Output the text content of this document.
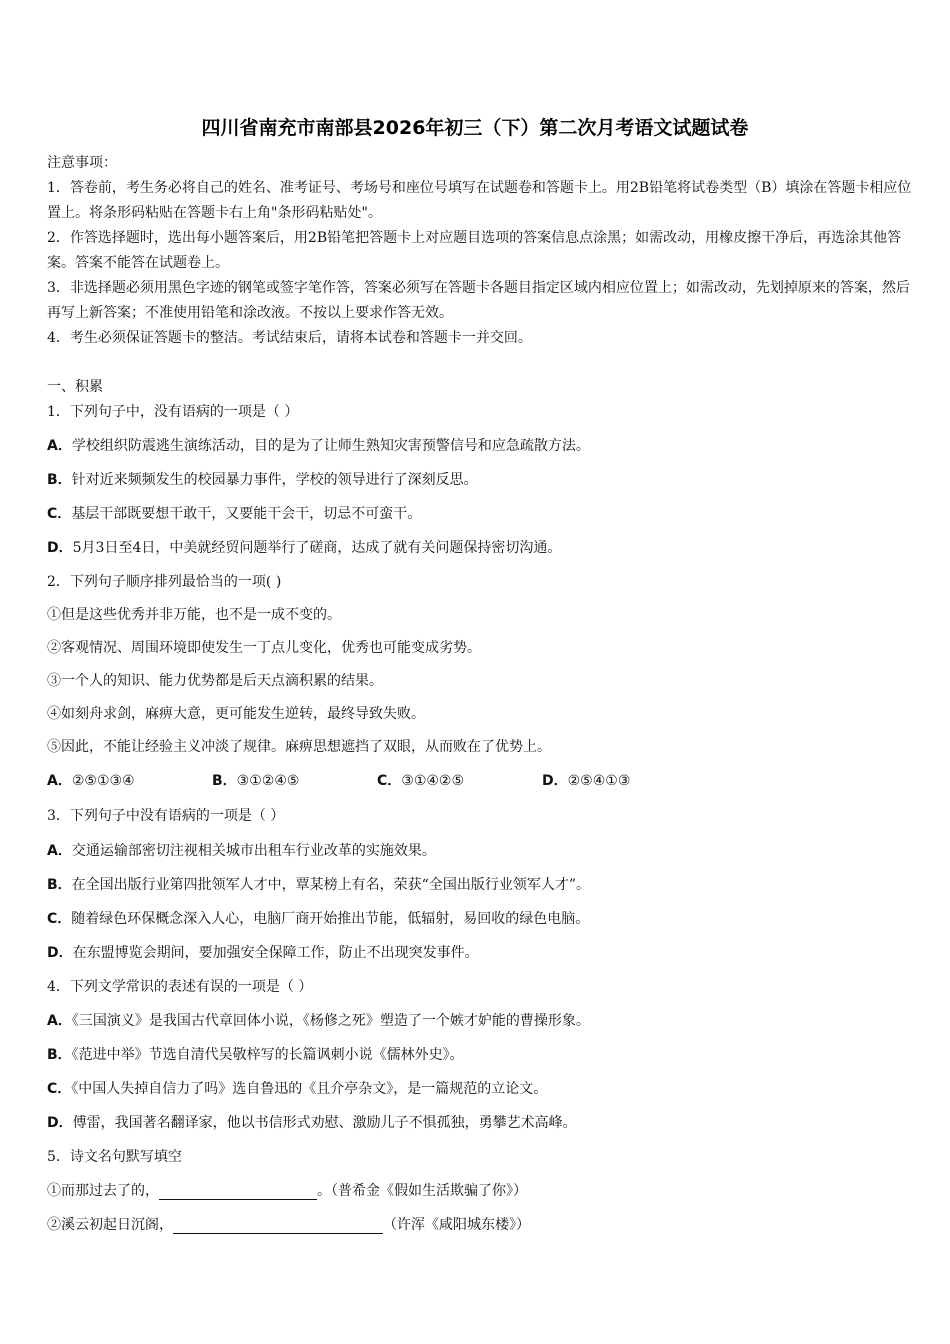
四川省南充市南部县2026年初三（下）第二次月考语文试题试卷
注意事项：
1．答卷前，考生务必将自己的姓名、准考证号、考场号和座位号填写在试题卷和答题卡上。用2B铅笔将试卷类型（B）填涂在答题卡相应位置上。将条形码粘贴在答题卡右上角"条形码粘贴处"。
2．作答选择题时，选出每小题答案后，用2B铅笔把答题卡上对应题目选项的答案信息点涂黑；如需改动，用橡皮擦干净后，再选涂其他答案。答案不能答在试题卷上。
3．非选择题必须用黑色字迹的钢笔或签字笔作答，答案必须写在答题卡各题目指定区域内相应位置上；如需改动，先划掉原来的答案，然后再写上新答案；不准使用铅笔和涂改液。不按以上要求作答无效。
4．考生必须保证答题卡的整洁。考试结束后，请将本试卷和答题卡一并交回。
一、积累
1．下列句子中，没有语病的一项是（ ）
A．学校组织防震逃生演练活动，目的是为了让师生熟知灾害预警信号和应急疏散方法。
B．针对近来频频发生的校园暴力事件，学校的领导进行了深刻反思。
C．基层干部既要想干敢干，又要能干会干，切忌不可蛮干。
D．5月3日至4日，中美就经贸问题举行了磋商，达成了就有关问题保持密切沟通。
2．下列句子顺序排列最恰当的一项( )
①但是这些优秀并非万能，也不是一成不变的。
②客观情况、周围环境即使发生一丁点儿变化，优秀也可能变成劣势。
③一个人的知识、能力优势都是后天点滴积累的结果。
④如刻舟求剑，麻痹大意，更可能发生逆转，最终导致失败。
⑤因此，不能让经验主义冲淡了规律。麻痹思想遮挡了双眼，从而败在了优势上。
A．②⑤①③④	B．③①②④⑤	C．③①④②⑤	D．②⑤④①③
3．下列句子中没有语病的一项是（ ）
A．交通运输部密切注视相关城市出租车行业改革的实施效果。
B．在全国出版行业第四批领军人才中，覃某榜上有名，荣获“全国出版行业领军人才”。
C．随着绿色环保概念深入人心，电脑厂商开始推出节能，低辐射，易回收的绿色电脑。
D．在东盟博览会期间，要加强安全保障工作，防止不出现突发事件。
4．下列文学常识的表述有误的一项是（ ）
A．《三国演义》是我国古代章回体小说，《杨修之死》塑造了一个嫉才妒能的曹操形象。
B．《范进中举》节选自清代吴敬梓写的长篇讽刺小说《儒林外史》。
C．《中国人失掉自信力了吗》选自鲁迅的《且介亭杂文》，是一篇规范的立论文。
D．傅雷，我国著名翻译家，他以书信形式劝慰、激励儿子不惧孤独，勇攀艺术高峰。
5．诗文名句默写填空
①而那过去了的，	。（普希金《假如生活欺骗了你》）
②溪云初起日沉阁，	（许浑《咸阳城东楼》）
